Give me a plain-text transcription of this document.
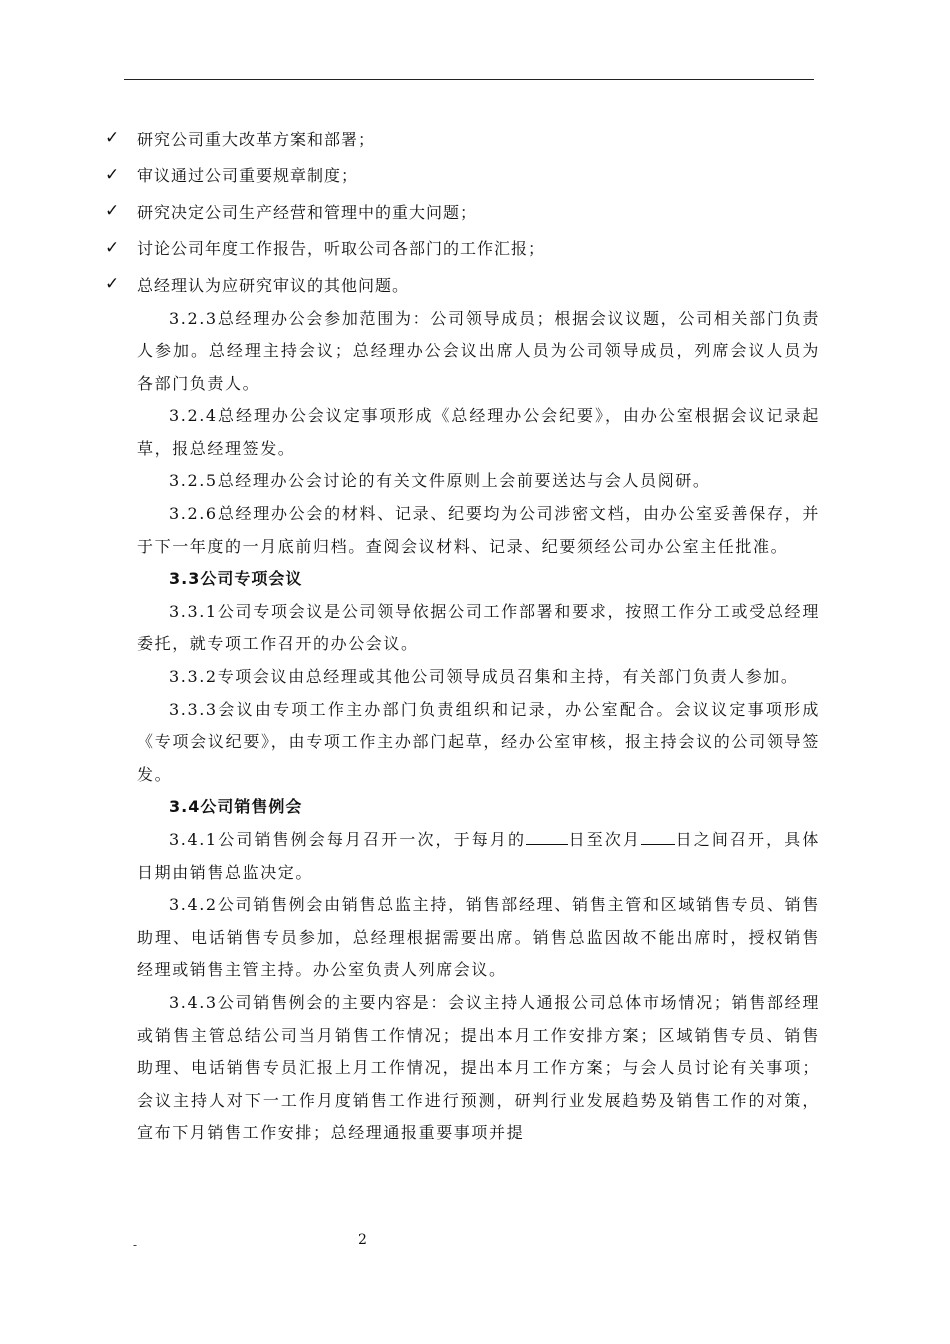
✓	研究公司重大改革方案和部署；
✓	审议通过公司重要规章制度；
✓	研究决定公司生产经营和管理中的重大问题；
✓	讨论公司年度工作报告，听取公司各部门的工作汇报；
✓	总经理认为应研究审议的其他问题。

3.2.3总经理办公会参加范围为：公司领导成员；根据会议议题，公司相关部门负责人参加。总经理主持会议；总经理办公会议出席人员为公司领导成员，列席会议人员为各部门负责人。

3.2.4总经理办公会议定事项形成《总经理办公会纪要》，由办公室根据会议记录起草，报总经理签发。

3.2.5总经理办公会讨论的有关文件原则上会前要送达与会人员阅研。

3.2.6总经理办公会的材料、记录、纪要均为公司涉密文档，由办公室妥善保存，并于下一年度的一月底前归档。查阅会议材料、记录、纪要须经公司办公室主任批准。

3.3公司专项会议

3.3.1公司专项会议是公司领导依据公司工作部署和要求，按照工作分工或受总经理委托，就专项工作召开的办公会议。

3.3.2专项会议由总经理或其他公司领导成员召集和主持，有关部门负责人参加。

3.3.3会议由专项工作主办部门负责组织和记录，办公室配合。会议议定事项形成《专项会议纪要》，由专项工作主办部门起草，经办公室审核，报主持会议的公司领导签发。

3.4公司销售例会

3.4.1公司销售例会每月召开一次，于每月的	日至次月 日之间召开，具体日期由销售总监决定。

3.4.2公司销售例会由销售总监主持，销售部经理、销售主管和区域销售专员、销售助理、电话销售专员参加，总经理根据需要出席。销售总监因故不能出席时，授权销售经理或销售主管主持。办公室负责人列席会议。

3.4.3公司销售例会的主要内容是：会议主持人通报公司总体市场情况；销售部经理或销售主管总结公司当月销售工作情况；提出本月工作安排方案；区域销售专员、销售助理、电话销售专员汇报上月工作情况，提出本月工作方案；与会人员讨论有关事项；会议主持人对下一工作月度销售工作进行预测，研判行业发展趋势及销售工作的对策，宣布下月销售工作安排；总经理通报重要事项并提

-	2
